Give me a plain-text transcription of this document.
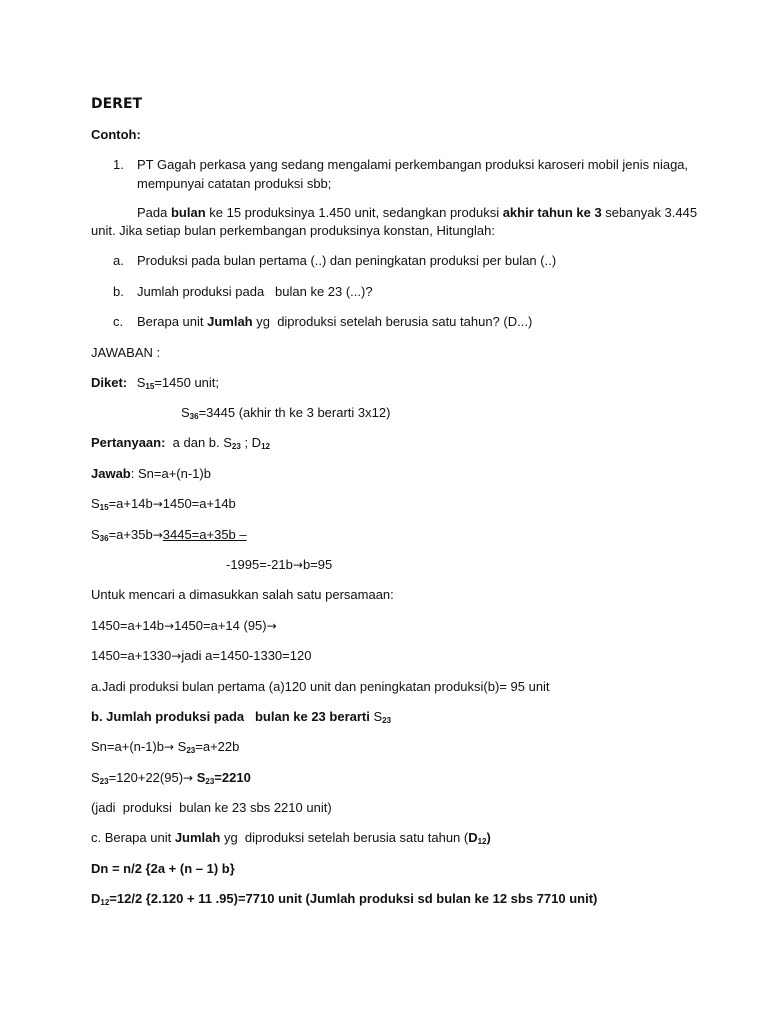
DERET
Contoh:
1. PT Gagah perkasa yang sedang mengalami perkembangan produksi karoseri mobil jenis niaga,
mempunyai catatan produksi sbb;
Pada bulan ke 15 produksinya 1.450 unit, sedangkan produksi akhir tahun ke 3 sebanyak 3.445
unit. Jika setiap bulan perkembangan produksinya konstan, Hitunglah:
a. Produksi pada bulan pertama (..) dan peningkatan produksi per bulan (..)
b. Jumlah produksi pada   bulan ke 23 (...)?
c. Berapa unit Jumlah yg  diproduksi setelah berusia satu tahun? (D...)
JAWABAN :
Diket: $S_{15}=1450$ unit;
$S_{36}=3445$ (akhir th ke 3 berarti 3x12)
Pertanyaan:  a dan b. $S_{23}$ ; $D_{12}$
Jawab: Sn=a+(n-1)b
$S_{15}=a+14b\to 1450=a+14b$
$S_{36}=a+35b\to 3445=a+35b$ –
-1995=-21b→b=95
Untuk mencari a dimasukkan salah satu persamaan:
1450=a+14b→1450=a+14 (95)→
1450=a+1330→jadi a=1450-1330=120
a.Jadi produksi bulan pertama (a)120 unit dan peningkatan produksi(b)= 95 unit
b. Jumlah produksi pada   bulan ke 23 berarti $S_{23}$
$Sn=a+(n-1)b\to S_{23}=a+22b$
$S_{23}=120+22(95)\to S_{23}=2210$
(jadi  produksi  bulan ke 23 sbs 2210 unit)
c. Berapa unit Jumlah yg  diproduksi setelah berusia satu tahun $(D_{12})$
Dn = n/2 {2a + (n – 1) b}
$D_{12}=12/2$ {2.120 + 11 .95)=7710 unit (Jumlah produksi sd bulan ke 12 sbs 7710 unit)
